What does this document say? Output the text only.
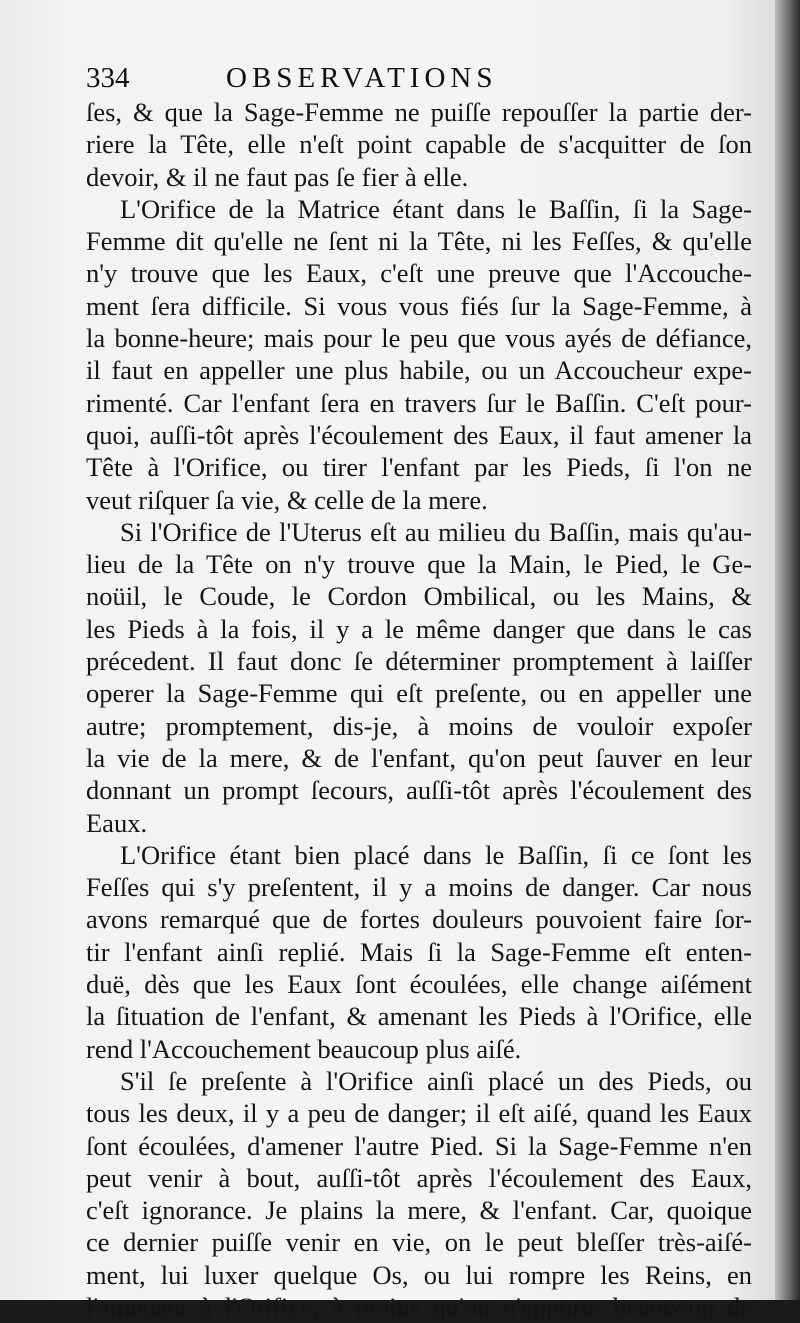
334	OBSERVATIONS
ſes, & que la Sage-Femme ne puiſſe repouſſer la partie der-
riere la Tête, elle n'eſt point capable de s'acquitter de ſon
devoir, & il ne faut pas ſe fier à elle.
L'Orifice de la Matrice étant dans le Baſſin, ſi la Sage-
Femme dit qu'elle ne ſent ni la Tête, ni les Feſſes, & qu'elle
n'y trouve que les Eaux, c'eſt une preuve que l'Accouche-
ment ſera difficile. Si vous vous fiés ſur la Sage-Femme, à
la bonne-heure; mais pour le peu que vous ayés de défiance,
il faut en appeller une plus habile, ou un Accoucheur expe-
rimenté. Car l'enfant ſera en travers ſur le Baſſin. C'eſt pour-
quoi, auſſi-tôt après l'écoulement des Eaux, il faut amener la
Tête à l'Orifice, ou tirer l'enfant par les Pieds, ſi l'on ne
veut riſquer ſa vie, & celle de la mere.
Si l'Orifice de l'Uterus eſt au milieu du Baſſin, mais qu'au-
lieu de la Tête on n'y trouve que la Main, le Pied, le Ge-
noüil, le Coude, le Cordon Ombilical, ou les Mains, &
les Pieds à la fois, il y a le même danger que dans le cas
précedent. Il faut donc ſe déterminer promptement à laiſſer
operer la Sage-Femme qui eſt preſente, ou en appeller une
autre; promptement, dis-je, à moins de vouloir expoſer
la vie de la mere, & de l'enfant, qu'on peut ſauver en leur
donnant un prompt ſecours, auſſi-tôt après l'écoulement des
Eaux.
L'Orifice étant bien placé dans le Baſſin, ſi ce ſont les
Feſſes qui s'y preſentent, il y a moins de danger. Car nous
avons remarqué que de fortes douleurs pouvoient faire ſor-
tir l'enfant ainſi replié. Mais ſi la Sage-Femme eſt enten-
duë, dès que les Eaux ſont écoulées, elle change aiſément
la ſituation de l'enfant, & amenant les Pieds à l'Orifice, elle
rend l'Accouchement beaucoup plus aiſé.
S'il ſe preſente à l'Orifice ainſi placé un des Pieds, ou
tous les deux, il y a peu de danger; il eſt aiſé, quand les Eaux
ſont écoulées, d'amener l'autre Pied. Si la Sage-Femme n'en
peut venir à bout, auſſi-tôt après l'écoulement des Eaux,
c'eſt ignorance. Je plains la mere, & l'enfant. Car, quoique
ce dernier puiſſe venir en vie, on le peut bleſſer très-aiſé-
ment, lui luxer quelque Os, ou lui rompre les Reins, en
l'amenant à l'Orifice, à moins qu'on n'apporte beaucoup de
